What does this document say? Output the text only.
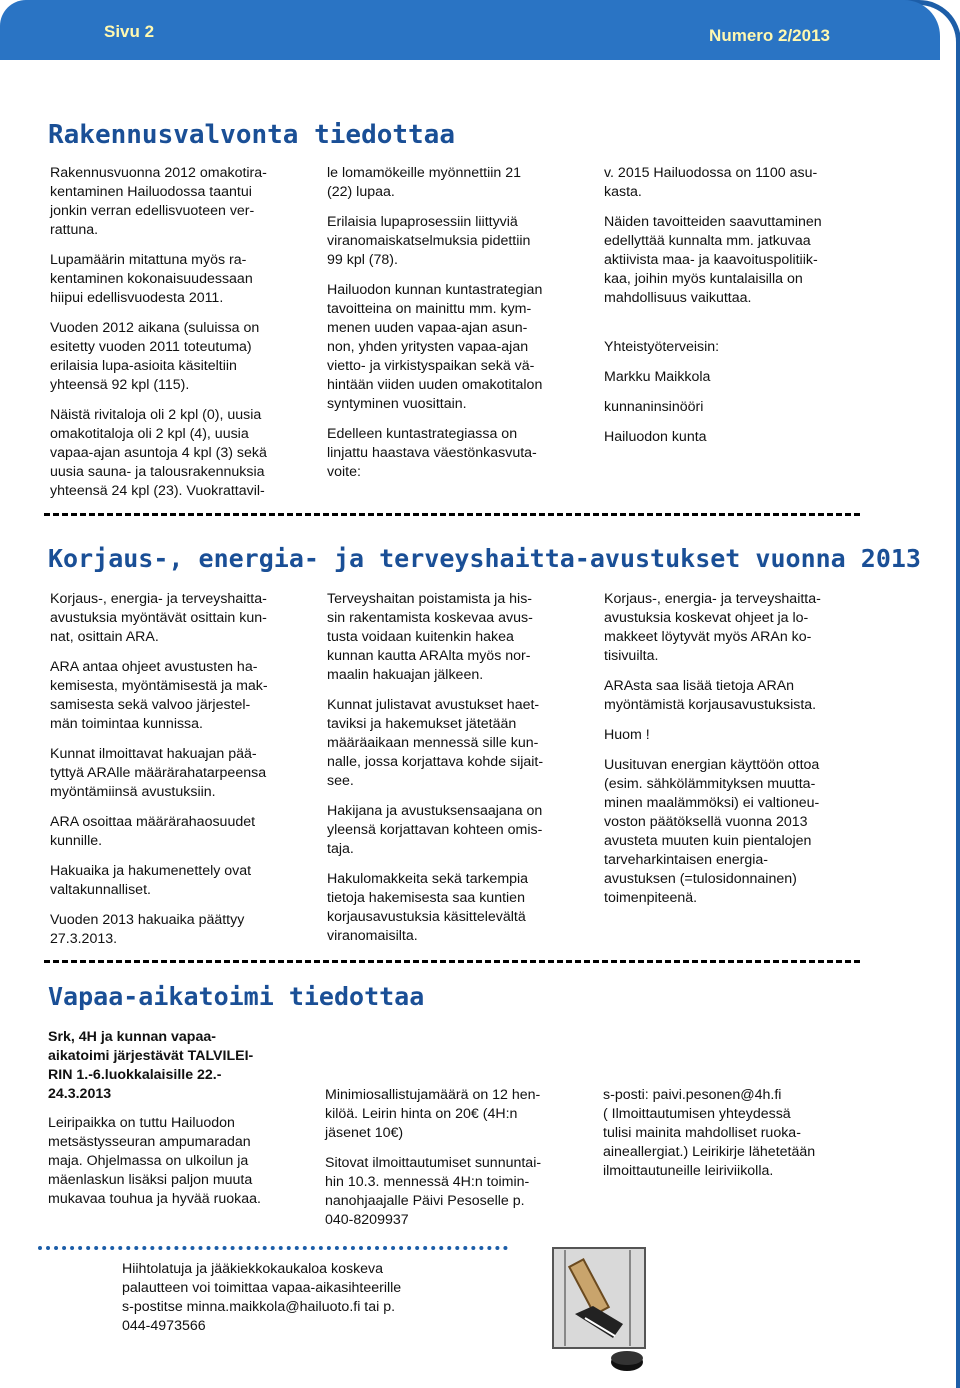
Sivu 2	Numero 2/2013
Rakennusvalvonta tiedottaa

Rakennusvuonna 2012 omakotira-
kentaminen Hailuodossa taantui
jonkin verran edellisvuoteen ver-
rattuna.

Lupamäärin mitattuna myös ra-
kentaminen kokonaisuudessaan
hiipui edellisvuodesta 2011.

Vuoden 2012 aikana (suluissa on
esitetty vuoden 2011 toteutuma)
erilaisia lupa-asioita käsiteltiin
yhteensä 92 kpl (115).

Näistä rivitaloja oli 2 kpl (0), uusia
omakotitaloja oli 2 kpl (4), uusia
vapaa-ajan asuntoja 4 kpl (3) sekä
uusia sauna- ja talousrakennuksia
yhteensä 24 kpl (23). Vuokrattavil-

le lomamökeille myönnettiin 21
(22) lupaa.

Erilaisia lupaprosessiin liittyviä
viranomaiskatselmuksia pidettiin
99 kpl (78).

Hailuodon kunnan kuntastrategian
tavoitteina on mainittu mm. kym-
menen uuden vapaa-ajan asun-
non, yhden yritysten vapaa-ajan
vietto- ja virkistyspaikan sekä vä-
hintään viiden uuden omakotitalon
syntyminen vuosittain.

Edelleen kuntastrategiassa on
linjattu haastava väestönkasvuta-
voite:

v. 2015 Hailuodossa on 1100 asu-
kasta.

Näiden tavoitteiden saavuttaminen
edellyttää kunnalta mm. jatkuvaa
aktiivista maa- ja kaavoituspolitiik-
kaa, joihin myös kuntalaisilla on
mahdollisuus vaikuttaa.

Yhteistyöterveisin:

Markku Maikkola

kunnaninsinööri

Hailuodon kunta

Korjaus-, energia- ja terveyshaitta-avustukset vuonna 2013

Korjaus-, energia- ja terveyshaitta-
avustuksia myöntävät osittain kun-
nat, osittain ARA.

ARA antaa ohjeet avustusten ha-
kemisesta, myöntämisestä ja mak-
samisesta sekä valvoo järjestel-
män toimintaa kunnissa.

Kunnat ilmoittavat hakuajan pää-
tyttyä ARAlle määrärahatarpeensa
myöntämiinsä avustuksiin.

ARA osoittaa määrärahaosuudet
kunnille.

Hakuaika ja hakumenettely ovat
valtakunnalliset.

Vuoden 2013 hakuaika päättyy
27.3.2013.

Terveyshaitan poistamista ja his-
sin rakentamista koskevaa avus-
tusta voidaan kuitenkin hakea
kunnan kautta ARAlta myös nor-
maalin hakuajan jälkeen.

Kunnat julistavat avustukset haet-
taviksi ja hakemukset jätetään
määräaikaan mennessä sille kun-
nalle, jossa korjattava kohde sijait-
see.

Hakijana ja avustuksensaajana on
yleensä korjattavan kohteen omis-
taja.

Hakulomakkeita sekä tarkempia
tietoja hakemisesta saa kuntien
korjausavustuksia käsittelevältä
viranomaisilta.

Korjaus-, energia- ja terveyshaitta-
avustuksia koskevat ohjeet ja lo-
makkeet löytyvät myös ARAn ko-
tisivuilta.

ARAsta saa lisää tietoja ARAn
myöntämistä korjausavustuksista.

Huom !

Uusituvan energian käyttöön ottoa
(esim. sähkölämmityksen muutta-
minen maalämmöksi) ei valtioneu-
voston päätöksellä vuonna 2013
avusteta muuten kuin pientalojen
tarveharkintaisen energia-
avustuksen (=tulosidonnainen)
toimenpiteenä.

Vapaa-aikatoimi tiedottaa

Srk, 4H ja kunnan vapaa-
aikatoimi järjestävät TALVILEI-
RIN 1.-6.luokkalaisille 22.-
24.3.2013

Leiripaikka on tuttu Hailuodon
metsästysseuran ampumaradan
maja. Ohjelmassa on ulkoilun ja
mäenlaskun lisäksi paljon muuta
mukavaa touhua ja hyvää ruokaa.

Minimiosallistujamäärä on 12 hen-
kilöä. Leirin hinta on 20€ (4H:n
jäsenet 10€)

Sitovat ilmoittautumiset sunnuntai-
hin 10.3. mennessä 4H:n toimin-
nanohjaajalle Päivi Pesoselle p.
040-8209937

s-posti: paivi.pesonen@4h.fi
( Ilmoittautumisen yhteydessä
tulisi mainita mahdolliset ruoka-
aineallergiat.) Leirikirje lähetetään
ilmoittautuneille leiriviikolla.

Hiihtolatuja ja jääkiekkokaukaloa koskeva
palautteen voi toimittaa vapaa-aikasihteerille
s-postitse minna.maikkola@hailuoto.fi tai p.
044-4973566
